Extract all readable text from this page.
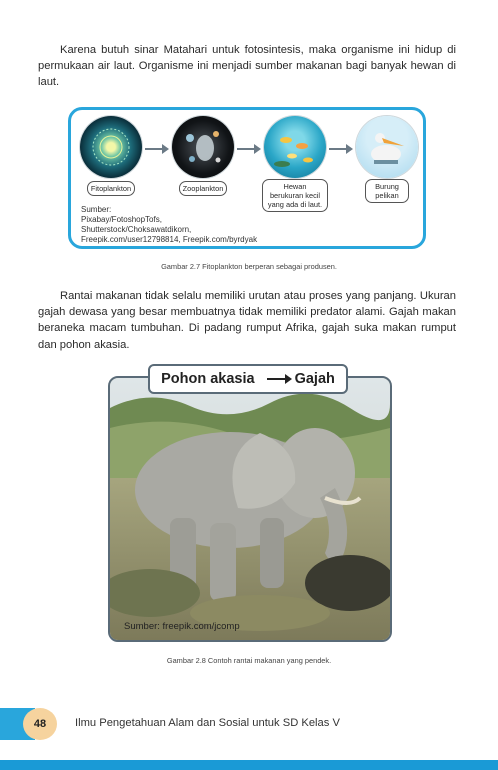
Karena butuh sinar Matahari untuk fotosintesis, maka organisme ini hidup di permukaan air laut. Organisme ini menjadi sumber makanan bagi banyak hewan di laut.

Fitoplankton	Zooplankton	Hewan berukuran kecil yang ada di laut.
Burung pelikan
Sumber:
Pixabay/FotoshopTofs,
Shutterstock/Choksawatdikorn,
Freepik.com/user12798814, Freepik.com/byrdyak
Gambar 2.7 Fitoplankton berperan sebagai produsen.

Rantai makanan tidak selalu memiliki urutan atau proses yang panjang. Ukuran gajah dewasa yang besar membuatnya tidak memiliki predator alami. Gajah makan beraneka macam tumbuhan. Di padang rumput Afrika, gajah suka makan rumput dan pohon akasia.

Pohon akasia	Gajah
Sumber: freepik.com/jcomp
Gambar 2.8 Contoh rantai makanan yang pendek.
48	Ilmu Pengetahuan Alam dan Sosial untuk SD Kelas V
